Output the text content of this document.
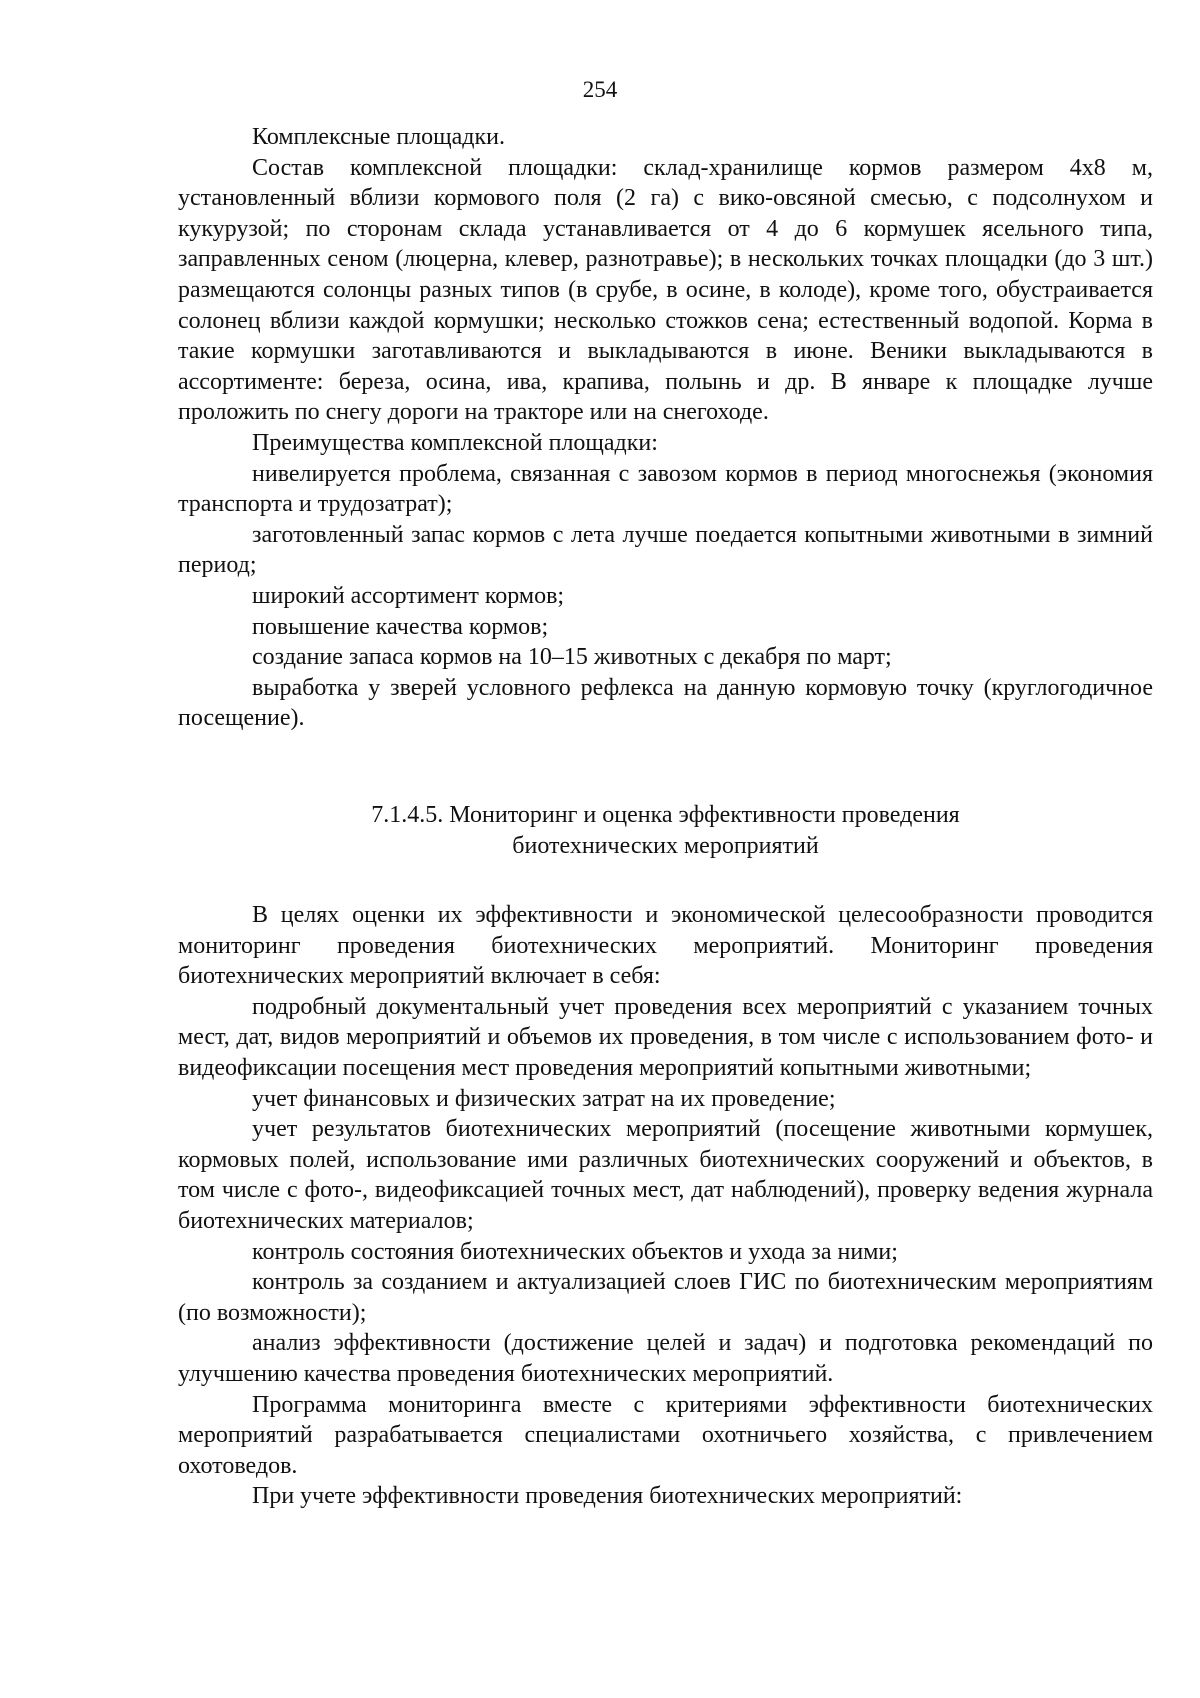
254

Комплексные площадки.

Состав комплексной площадки: склад-хранилище кормов размером 4х8 м, установленный вблизи кормового поля (2 га) с вико-овсяной смесью, с подсолнухом и кукурузой; по сторонам склада устанавливается от 4 до 6 кормушек ясельного типа, заправленных сеном (люцерна, клевер, разнотравье); в нескольких точках площадки (до 3 шт.) размещаются солонцы разных типов (в срубе, в осине, в колоде), кроме того, обустраивается солонец вблизи каждой кормушки; несколько стожков сена; естественный водопой. Корма в такие кормушки заготавливаются и выкладываются в июне. Веники выкладываются в ассортименте: береза, осина, ива, крапива, полынь и др. В январе к площадке лучше проложить по снегу дороги на тракторе или на снегоходе.

Преимущества комплексной площадки:

нивелируется проблема, связанная с завозом кормов в период многоснежья (экономия транспорта и трудозатрат);

заготовленный запас кормов с лета лучше поедается копытными животными в зимний период;

широкий ассортимент кормов;

повышение качества кормов;

создание запаса кормов на 10–15 животных с декабря по март;

выработка у зверей условного рефлекса на данную кормовую точку (круглогодичное посещение).

7.1.4.5. Мониторинг и оценка эффективности проведения
биотехнических мероприятий

В целях оценки их эффективности и экономической целесообразности проводится мониторинг проведения биотехнических мероприятий. Мониторинг проведения биотехнических мероприятий включает в себя:

подробный документальный учет проведения всех мероприятий с указанием точных мест, дат, видов мероприятий и объемов их проведения, в том числе с использованием фото- и видеофиксации посещения мест проведения мероприятий копытными животными;

учет финансовых и физических затрат на их проведение;

учет результатов биотехнических мероприятий (посещение животными кормушек, кормовых полей, использование ими различных биотехнических сооружений и объектов, в том числе с фото-, видеофиксацией точных мест, дат наблюдений), проверку ведения журнала биотехнических материалов;

контроль состояния биотехнических объектов и ухода за ними;

контроль за созданием и актуализацией слоев ГИС по биотехническим мероприятиям (по возможности);

анализ эффективности (достижение целей и задач) и подготовка рекомендаций по улучшению качества проведения биотехнических мероприятий.

Программа мониторинга вместе с критериями эффективности биотехнических мероприятий разрабатывается специалистами охотничьего хозяйства, с привлечением охотоведов.

При учете эффективности проведения биотехнических мероприятий:
